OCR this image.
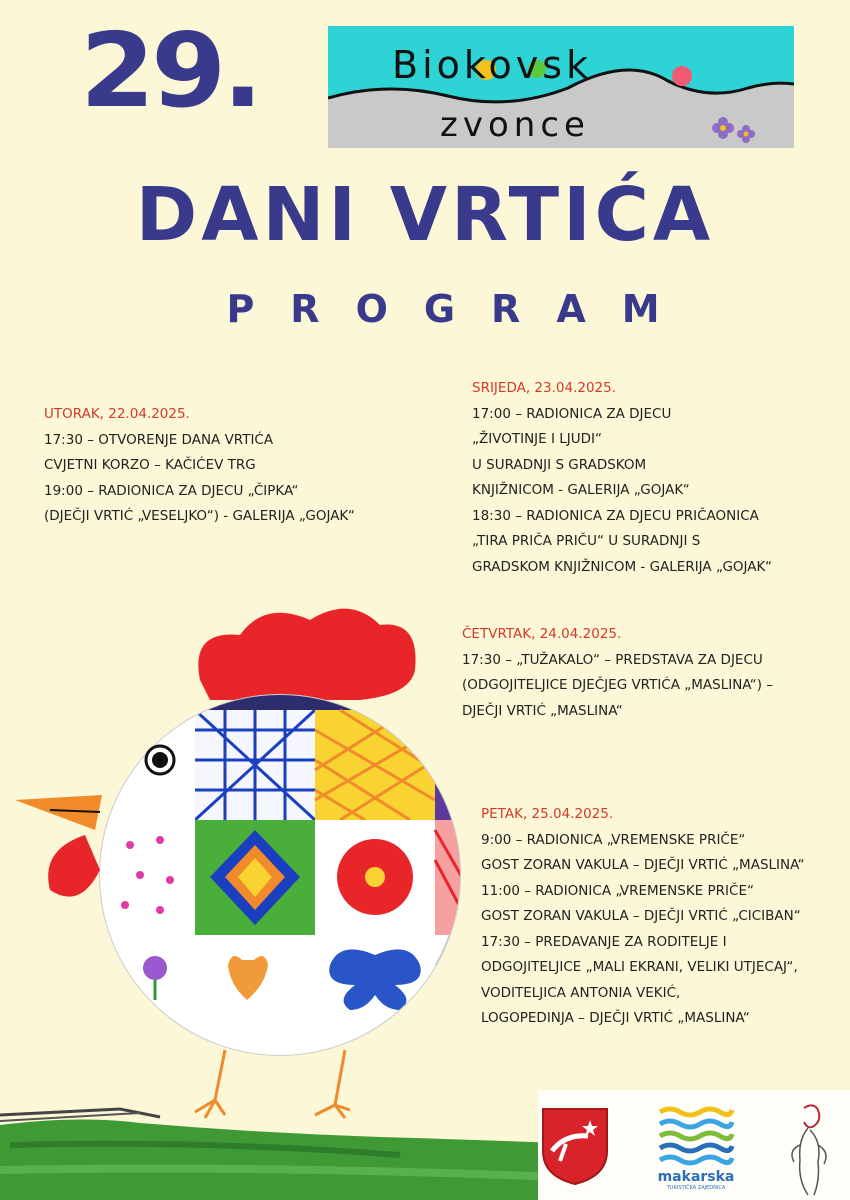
29.	Biokovsk
zvonce
DANI VRTIĆA
PROGRAM
UTORAK, 22.04.2025.
17:30 – OTVORENJE DANA VRTIĆA
CVJETNI KORZO – KAČIĆEV TRG
19:00 – RADIONICA ZA DJECU „ČIPKA“
(DJEČJI VRTIĆ „VESELJKO“) - GALERIJA „GOJAK“
SRIJEDA, 23.04.2025.
17:00 – RADIONICA ZA DJECU
„ŽIVOTINJE I LJUDI“
U SURADNJI S GRADSKOM
KNJIŽNICOM - GALERIJA „GOJAK“
18:30 – RADIONICA ZA DJECU PRIČAONICA
„TIRA PRIČA PRIČU“ U SURADNJI S
GRADSKOM KNJIŽNICOM - GALERIJA „GOJAK“
ČETVRTAK, 24.04.2025.
17:30 – „TUŽAKALO“ – PREDSTAVA ZA DJECU
(ODGOJITELJICE DJEČJEG VRTIĆA „MASLINA“) –
DJEČJI VRTIĆ „MASLINA“
PETAK, 25.04.2025.
9:00 – RADIONICA „VREMENSKE PRIČE“
GOST ZORAN VAKULA – DJEČJI VRTIĆ „MASLINA“
11:00 – RADIONICA „VREMENSKE PRIČE“
GOST ZORAN VAKULA – DJEČJI VRTIĆ „CICIBAN“
17:30 – PREDAVANJE ZA RODITELJE I
ODGOJITELJICE „MALI EKRANI, VELIKI UTJECAJ“,
VODITELJICA ANTONIA VEKIĆ,
LOGOPEDINJA – DJEČJI VRTIĆ „MASLINA“
makarska
TURISTIČKA ZAJEDNICA
